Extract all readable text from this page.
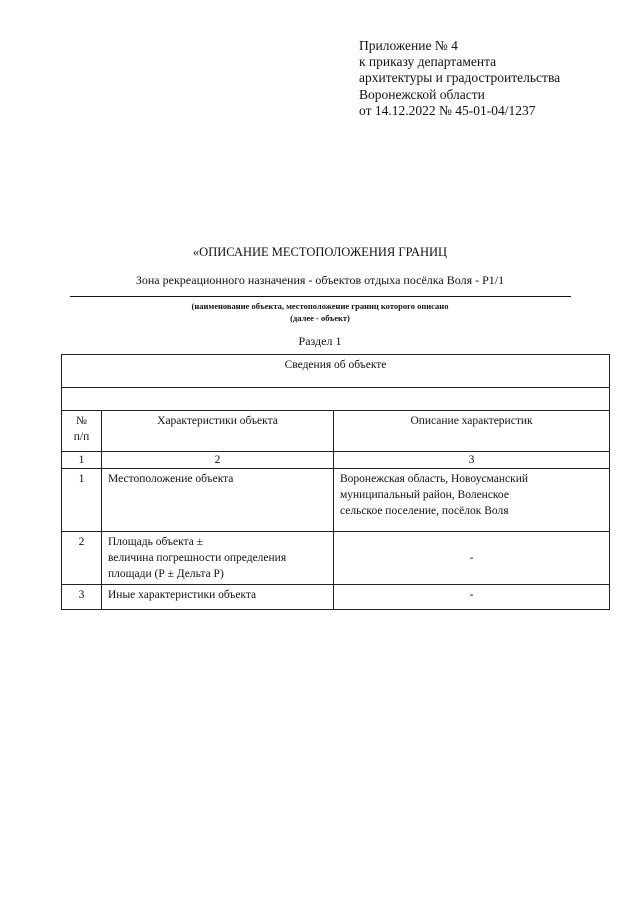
Приложение № 4
к приказу департамента
архитектуры и градостроительства
Воронежской области
от 14.12.2022 № 45-01-04/1237
«ОПИСАНИЕ МЕСТОПОЛОЖЕНИЯ ГРАНИЦ
Зона рекреационного назначения - объектов отдыха посёлка Воля - Р1/1
(наименование объекта, местоположение границ которого описано
(далее - объект)
Раздел 1
Сведения об объекте		

№
п/п	Характеристики объекта	Описание характеристик
1	2	3
1	Местоположение объекта	Воронежская область, Новоусманский
муниципальный район, Воленское
сельское поселение, посёлок Воля

2	Площадь объекта ±
величина погрешности определения
площади (Р ± Дельта Р)	-
3	Иные характеристики объекта	-
